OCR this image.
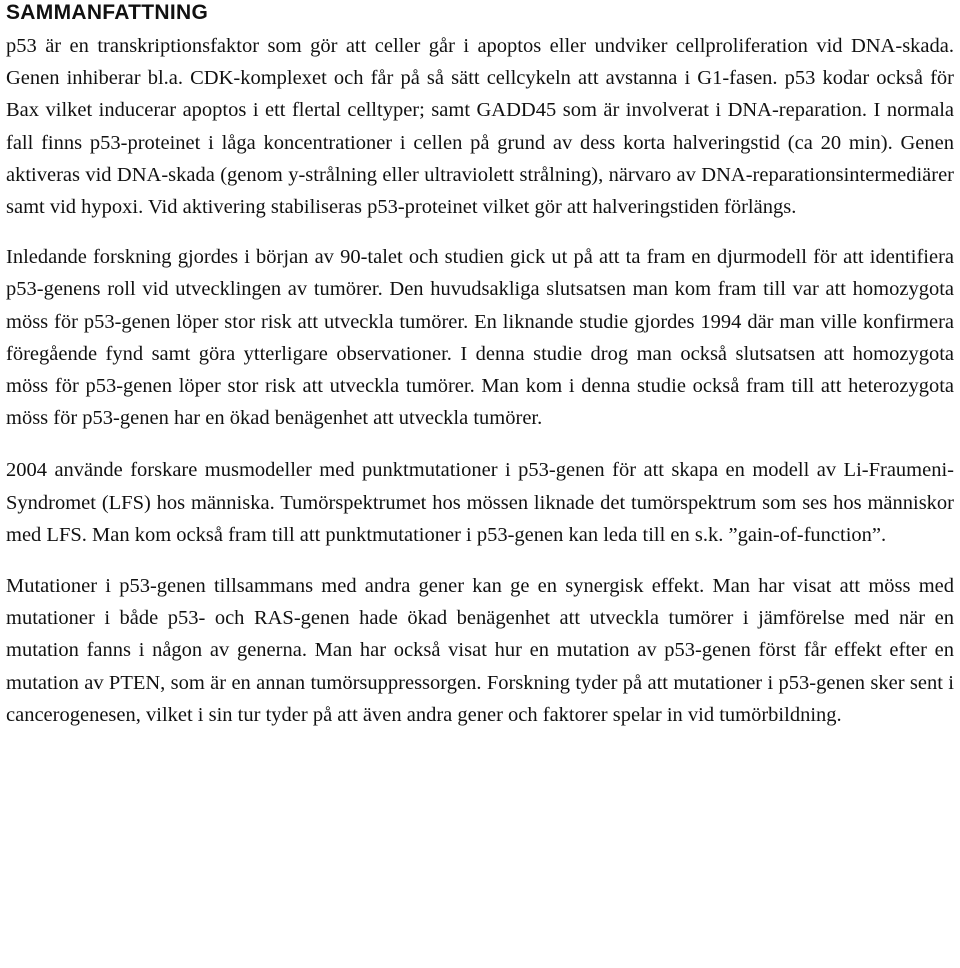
SAMMANFATTNING

p53 är en transkriptionsfaktor som gör att celler går i apoptos eller undviker cellproliferation vid DNA-skada. Genen inhiberar bl.a. CDK-komplexet och får på så sätt cellcykeln att avstanna i G1-fasen. p53 kodar också för Bax vilket inducerar apoptos i ett flertal celltyper; samt GADD45 som är involverat i DNA-reparation. I normala fall finns p53-proteinet i låga koncentrationer i cellen på grund av dess korta halveringstid (ca 20 min). Genen aktiveras vid DNA-skada (genom y-strålning eller ultraviolett strålning), närvaro av DNA-reparationsintermediärer samt vid hypoxi. Vid aktivering stabiliseras p53-proteinet vilket gör att halveringstiden förlängs.

Inledande forskning gjordes i början av 90-talet och studien gick ut på att ta fram en djurmodell för att identifiera p53-genens roll vid utvecklingen av tumörer. Den huvudsakliga slutsatsen man kom fram till var att homozygota möss för p53-genen löper stor risk att utveckla tumörer. En liknande studie gjordes 1994 där man ville konfirmera föregående fynd samt göra ytterligare observationer. I denna studie drog man också slutsatsen att homozygota möss för p53-genen löper stor risk att utveckla tumörer. Man kom i denna studie också fram till att heterozygota möss för p53-genen har en ökad benägenhet att utveckla tumörer.

2004 använde forskare musmodeller med punktmutationer i p53-genen för att skapa en modell av Li-Fraumeni-Syndromet (LFS) hos människa. Tumörspektrumet hos mössen liknade det tumörspektrum som ses hos människor med LFS. Man kom också fram till att punktmutationer i p53-genen kan leda till en s.k. ”gain-of-function”.

Mutationer i p53-genen tillsammans med andra gener kan ge en synergisk effekt. Man har visat att möss med mutationer i både p53- och RAS-genen hade ökad benägenhet att utveckla tumörer i jämförelse med när en mutation fanns i någon av generna. Man har också visat hur en mutation av p53-genen först får effekt efter en mutation av PTEN, som är en annan tumörsuppressorgen. Forskning tyder på att mutationer i p53-genen sker sent i cancerogenesen, vilket i sin tur tyder på att även andra gener och faktorer spelar in vid tumörbildning.
